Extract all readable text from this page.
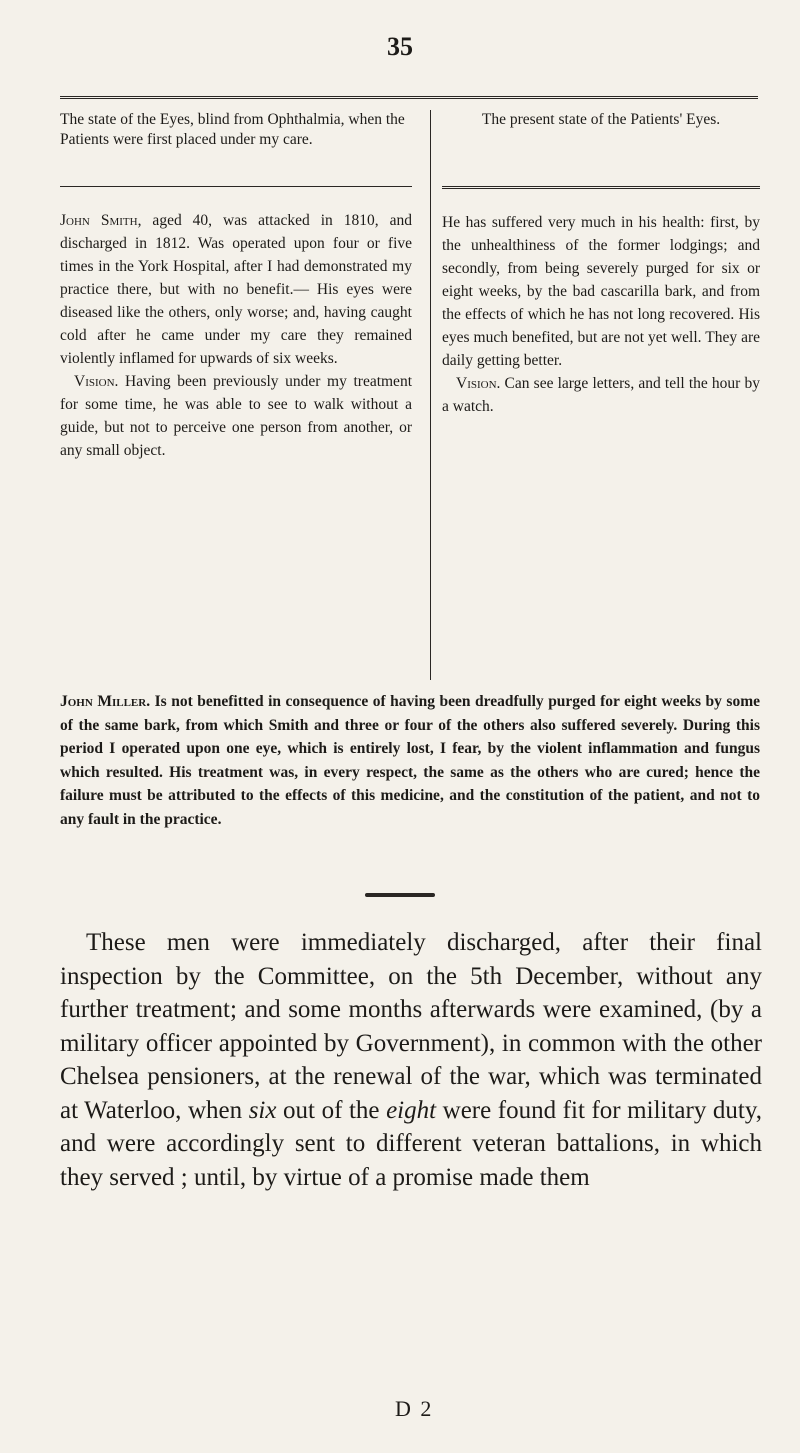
35
The state of the Eyes, blind from Ophthalmia, when the Patients were first placed under my care.

John Smith, aged 40, was attacked in 1810, and discharged in 1812. Was operated upon four or five times in the York Hospital, after I had demonstrated my practice there, but with no benefit.— His eyes were diseased like the others, only worse; and, having caught cold after he came under my care they remained violently inflamed for upwards of six weeks.

Vision. Having been previously under my treatment for some time, he was able to see to walk without a guide, but not to perceive one person from another, or any small object.

The present state of the Patients' Eyes.

He has suffered very much in his health: first, by the unhealthiness of the former lodgings; and secondly, from being severely purged for six or eight weeks, by the bad cascarilla bark, and from the effects of which he has not long recovered. His eyes much benefited, but are not yet well. They are daily getting better.

Vision. Can see large letters, and tell the hour by a watch.

John Miller. Is not benefitted in consequence of having been dreadfully purged for eight weeks by some of the same bark, from which Smith and three or four of the others also suffered severely. During this period I operated upon one eye, which is entirely lost, I fear, by the violent inflammation and fungus which resulted. His treatment was, in every respect, the same as the others who are cured; hence the failure must be attributed to the effects of this medicine, and the constitution of the patient, and not to any fault in the practice.

These men were immediately discharged, after their final inspection by the Committee, on the 5th December, without any further treatment; and some months afterwards were examined, (by a military officer appointed by Government), in common with the other Chelsea pensioners, at the renewal of the war, which was terminated at Waterloo, when six out of the eight were found fit for military duty, and were accordingly sent to different veteran battalions, in which they served ; until, by virtue of a promise made them

D 2
